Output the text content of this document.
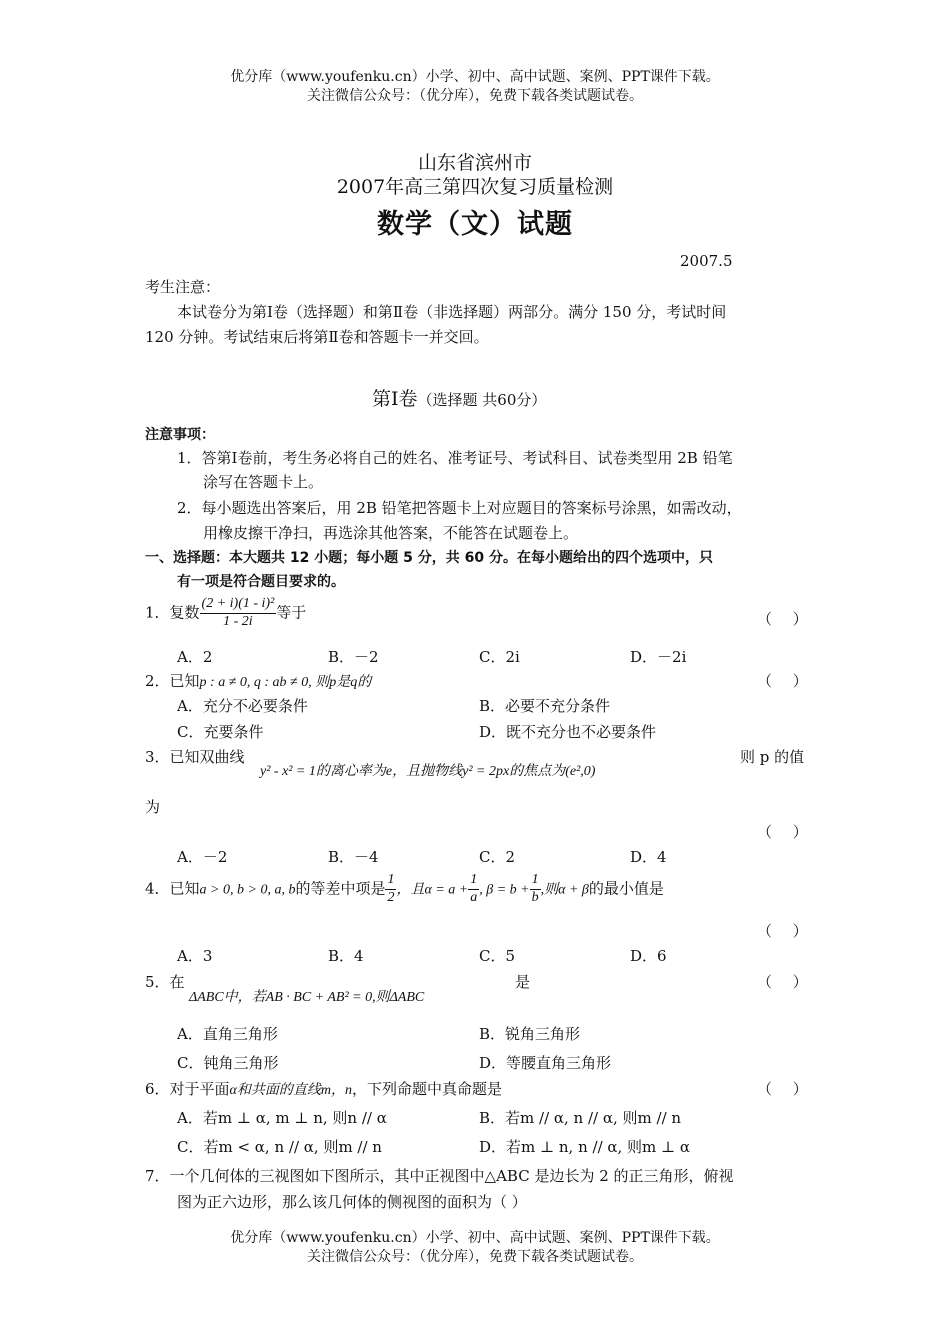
优分库（www.youfenku.cn）小学、初中、高中试题、案例、PPT课件下载。
关注微信公众号：（优分库），免费下载各类试题试卷。
山东省滨州市
2007年高三第四次复习质量检测
数学（文）试题
2007.5
考生注意：
本试卷分为第Ⅰ卷（选择题）和第Ⅱ卷（非选择题）两部分。满分 150 分，考试时间
120 分钟。考试结束后将第Ⅱ卷和答题卡一并交回。
第Ⅰ卷（选择题 共60分）
注意事项：
1．答第Ⅰ卷前，考生务必将自己的姓名、准考证号、考试科目、试卷类型用 2B 铅笔
涂写在答题卡上。
2．每小题选出答案后，用 2B 铅笔把答题卡上对应题目的答案标号涂黑，如需改动，
用橡皮擦干净扫，再选涂其他答案，不能答在试题卷上。
一、选择题：本大题共 12 小题；每小题 5 分，共 60 分。在每小题给出的四个选项中，只
有一项是符合题目要求的。
1．复数 $\frac{\text{(2 + i)(1 - i)²}}{1 - 2i}$ 等于	（ ）
A．2	B．－2	C．2i	D．－2i
2．已知p : a ≠ 0, q : ab ≠ 0, 则p是q的	（ ）
A．充分不必要条件	B．必要不充分条件
C．充要条件	D．既不充分也不必要条件
3．已知双曲线
y² - x² = 1的离心率为e，且抛物线y² = 2px的焦点为(e²,0)
则 p 的值
为
（ ）
A．－2	B．－4	C．2	D．4
4．已知a > 0, b > 0, a, b的等差中项是 $\frac{1}{2}$ ，且$\alpha = a + \frac{1}{a}$ , $\beta = b + \frac{1}{b}$ ,则α + β的最小值是
（ ）
A．3	B．4	C．5	D．6
5．在
ΔABC中，若AB · BC + AB² = 0,则ΔABC
是	（ ）
A．直角三角形	B．锐角三角形
C．钝角三角形	D．等腰直角三角形
6．对于平面α和共面的直线m，n，下列命题中真命题是	（ ）
A．若m ⊥ α, m ⊥ n, 则n // α	B．若m // α, n // α, 则m // n
C．若m < α, n // α, 则m // n	D．若m ⊥ n, n // α, 则m ⊥ α
7．一个几何体的三视图如下图所示，其中正视图中△ABC 是边长为 2 的正三角形，俯视
图为正六边形，那么该几何体的侧视图的面积为（ ）
优分库（www.youfenku.cn）小学、初中、高中试题、案例、PPT课件下载。
关注微信公众号：（优分库），免费下载各类试题试卷。
